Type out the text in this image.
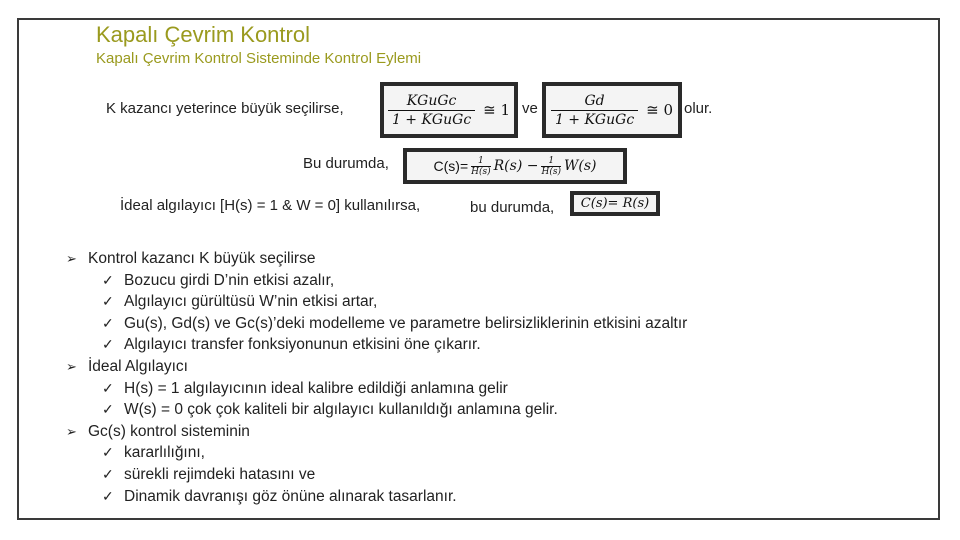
Kapalı Çevrim Kontrol
Kapalı Çevrim Kontrol Sisteminde Kontrol Eylemi
K kazancı yeterince büyük seçilirse,	$\frac{\text{KGuGc}}{\text{1 + KGuGc}}$ ≅ 1 ve $\frac{Gd}{\text{1 + KGuGc}}$ ≅ 0 olur.
Bu durumda,	$C(s)= \frac{1}{H(s)} R(s) - \frac{1}{H(s)} W(s)$
İdeal algılayıcı [H(s) = 1 & W = 0] kullanılırsa,	bu durumda, C(s)= R(s)
➢ Kontrol kazancı K büyük seçilirse
✓ Bozucu girdi D’nin etkisi azalır,
✓ Algılayıcı gürültüsü W’nin etkisi artar,
✓ Gu(s), Gd(s) ve Gc(s)’deki modelleme ve parametre belirsizliklerinin etkisini azaltır
✓ Algılayıcı transfer fonksiyonunun etkisini öne çıkarır.
➢ İdeal Algılayıcı
✓ H(s) = 1 algılayıcının ideal kalibre edildiği anlamına gelir
✓ W(s) = 0 çok çok kaliteli bir algılayıcı kullanıldığı anlamına gelir.
➢ Gc(s) kontrol sisteminin
✓ kararlılığını,
✓ sürekli rejimdeki hatasını ve
✓ Dinamik davranışı göz önüne alınarak tasarlanır.
